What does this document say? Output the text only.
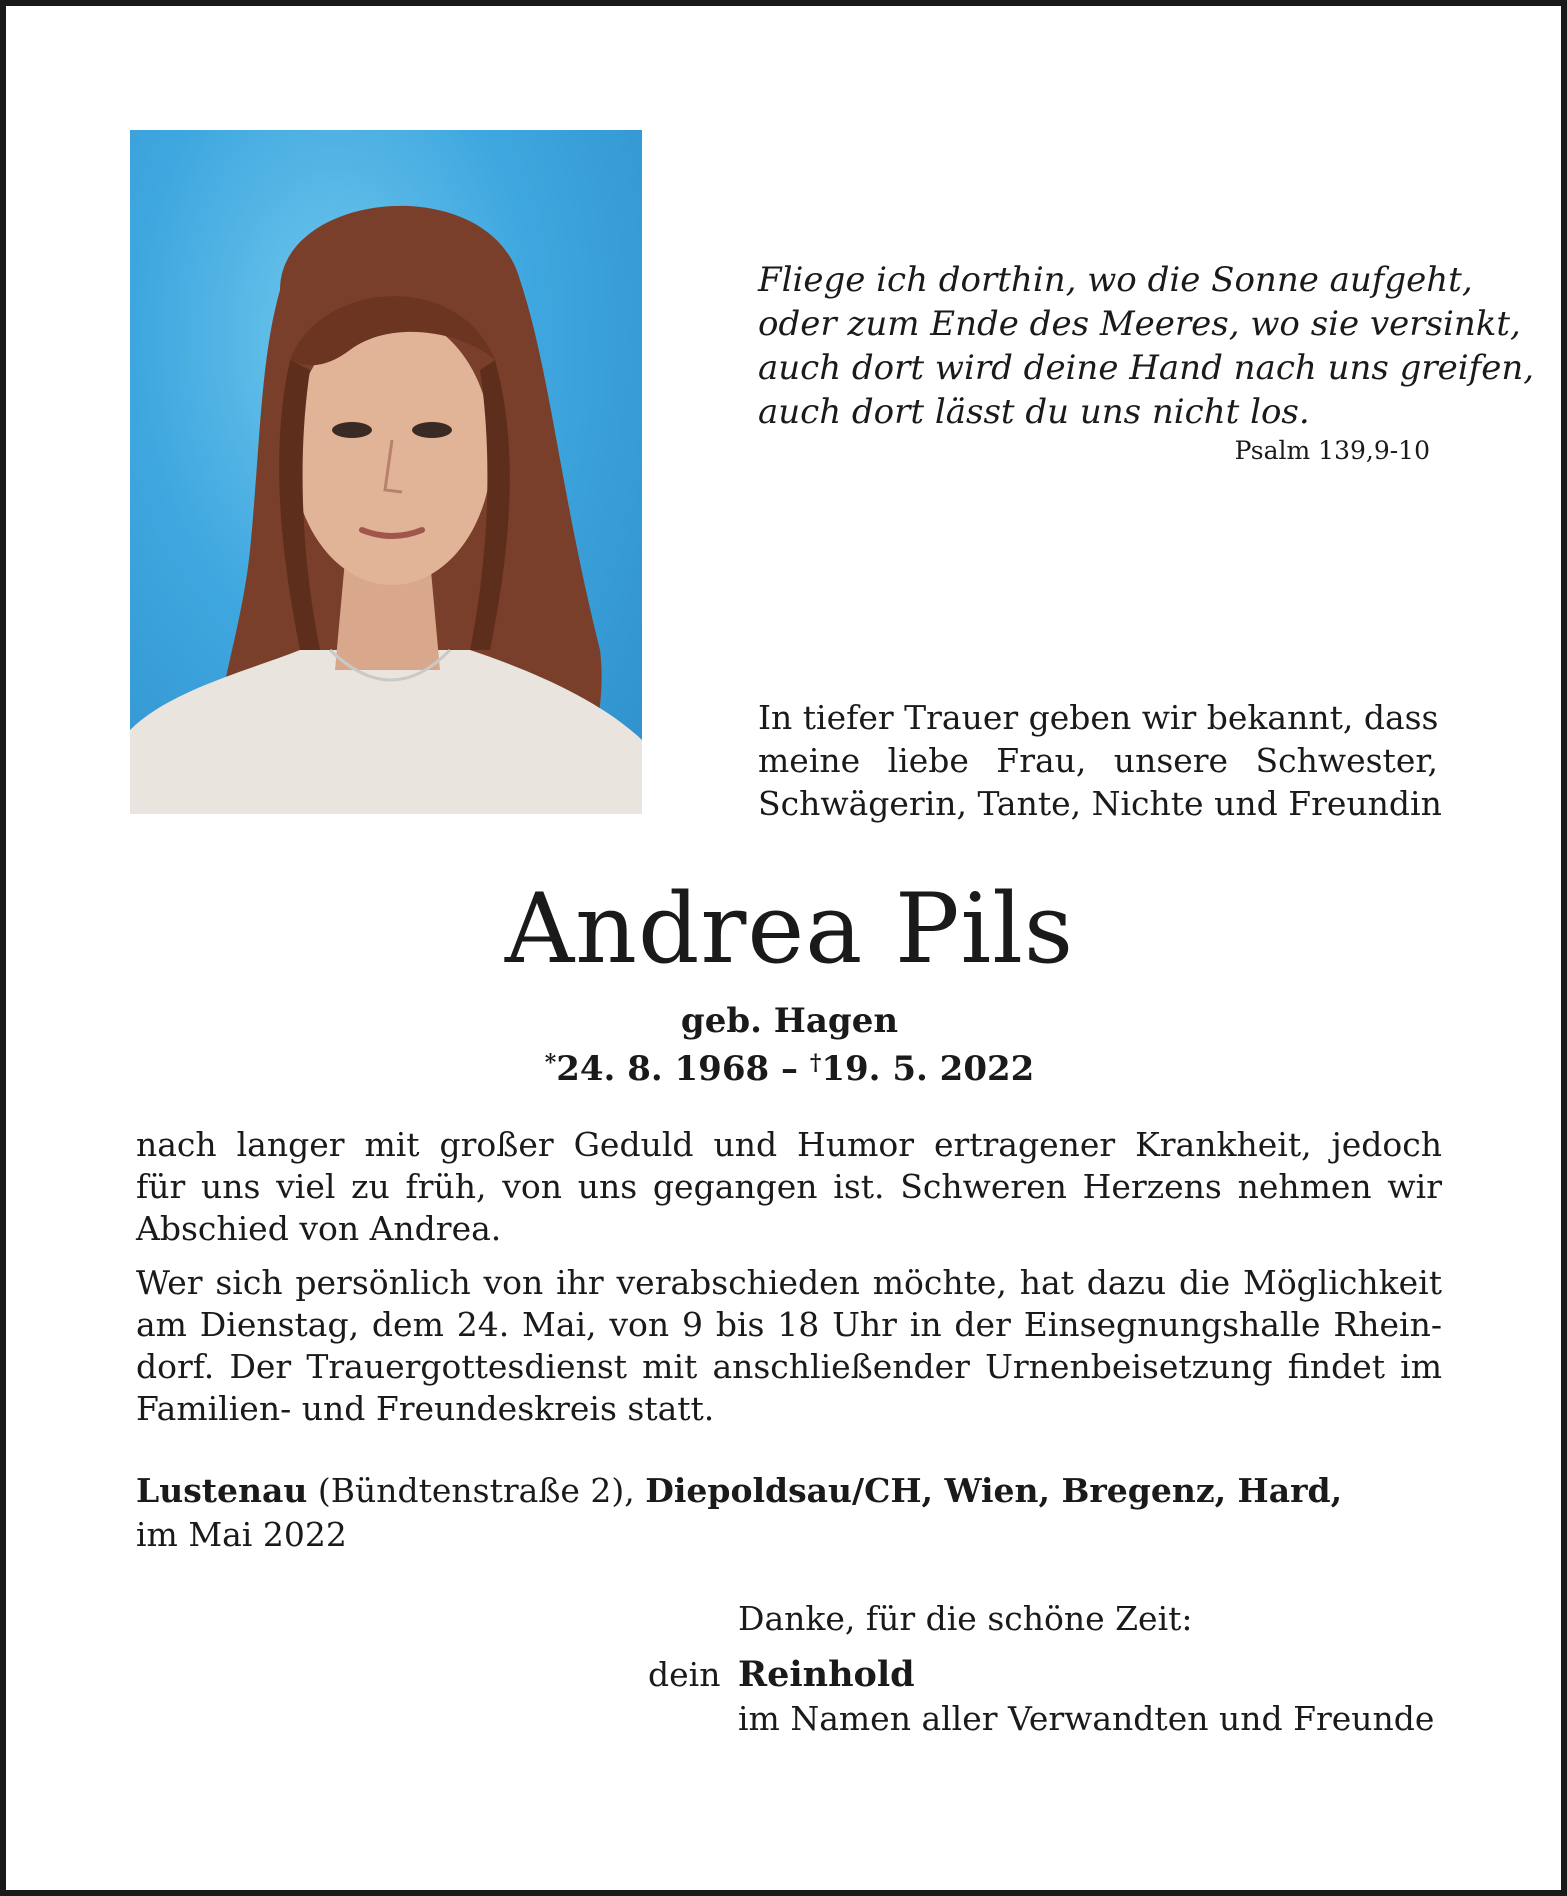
Fliege ich dorthin, wo die Sonne aufgeht,
oder zum Ende des Meeres, wo sie versinkt,
auch dort wird deine Hand nach uns greifen,
auch dort lässt du uns nicht los.
Psalm 139,9-10
In tiefer Trauer geben wir bekannt, dass
meine liebe Frau, unsere Schwester,
Schwägerin, Tante, Nichte und Freundin
Andrea Pils
geb. Hagen
*24. 8. 1968 – †19. 5. 2022
nach langer mit großer Geduld und Humor ertragener Krankheit, jedoch
für uns viel zu früh, von uns gegangen ist. Schweren Herzens nehmen wir
Abschied von Andrea.
Wer sich persönlich von ihr verabschieden möchte, hat dazu die Möglichkeit
am Dienstag, dem 24. Mai, von 9 bis 18 Uhr in der Einsegnungshalle Rhein-
dorf. Der Trauergottesdienst mit anschließender Urnenbeisetzung findet im
Familien- und Freundeskreis statt.
Lustenau (Bündtenstraße 2), Diepoldsau/CH, Wien, Bregenz, Hard,
im Mai 2022
Danke, für die schöne Zeit:
dein Reinhold
im Namen aller Verwandten und Freunde
